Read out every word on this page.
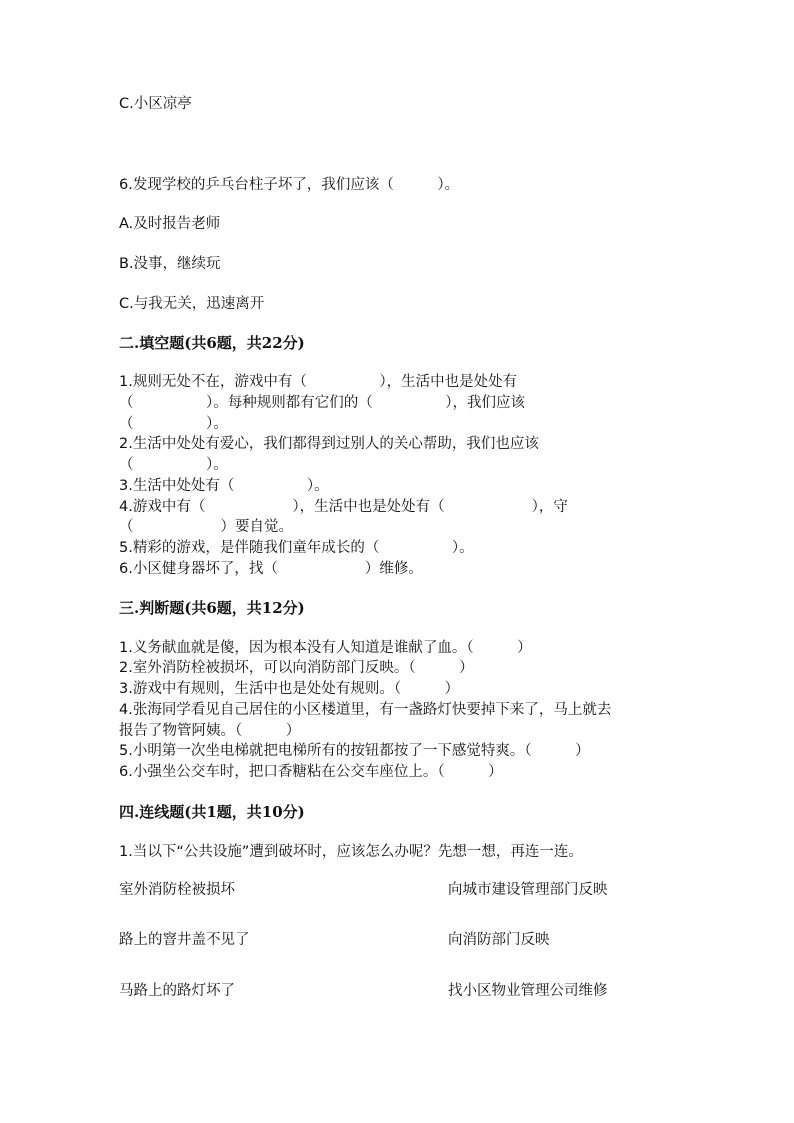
C.小区凉亭
6.发现学校的乒乓台柱子坏了，我们应该（　　　）。
A.及时报告老师
B.没事，继续玩
C.与我无关，迅速离开
二.填空题(共6题，共22分)
1.规则无处不在，游戏中有（　　　　　），生活中也是处处有
（　　　　　）。每种规则都有它们的（　　　　　），我们应该
（　　　　　）。
2.生活中处处有爱心，我们都得到过别人的关心帮助，我们也应该
（　　　　　）。
3.生活中处处有（　　　　　）。
4.游戏中有（　　　　　　），生活中也是处处有（　　　　　　），守
（　　　　　　）要自觉。
5.精彩的游戏，是伴随我们童年成长的（　　　　　）。
6.小区健身器坏了，找（　　　　　　）维修。
三.判断题(共6题，共12分)
1.义务献血就是傻，因为根本没有人知道是谁献了血。（　　　）
2.室外消防栓被损坏，可以向消防部门反映。（　　　）
3.游戏中有规则，生活中也是处处有规则。（　　　）
4.张海同学看见自己居住的小区楼道里，有一盏路灯快要掉下来了，马上就去
报告了物管阿姨。（　　　）
5.小明第一次坐电梯就把电梯所有的按钮都按了一下感觉特爽。（　　　）
6.小强坐公交车时，把口香糖粘在公交车座位上。（　　　）
四.连线题(共1题，共10分)
1.当以下“公共设施”遭到破坏时，应该怎么办呢？先想一想，再连一连。
室外消防栓被损坏	向城市建设管理部门反映
路上的窨井盖不见了	向消防部门反映
马路上的路灯坏了	找小区物业管理公司维修
